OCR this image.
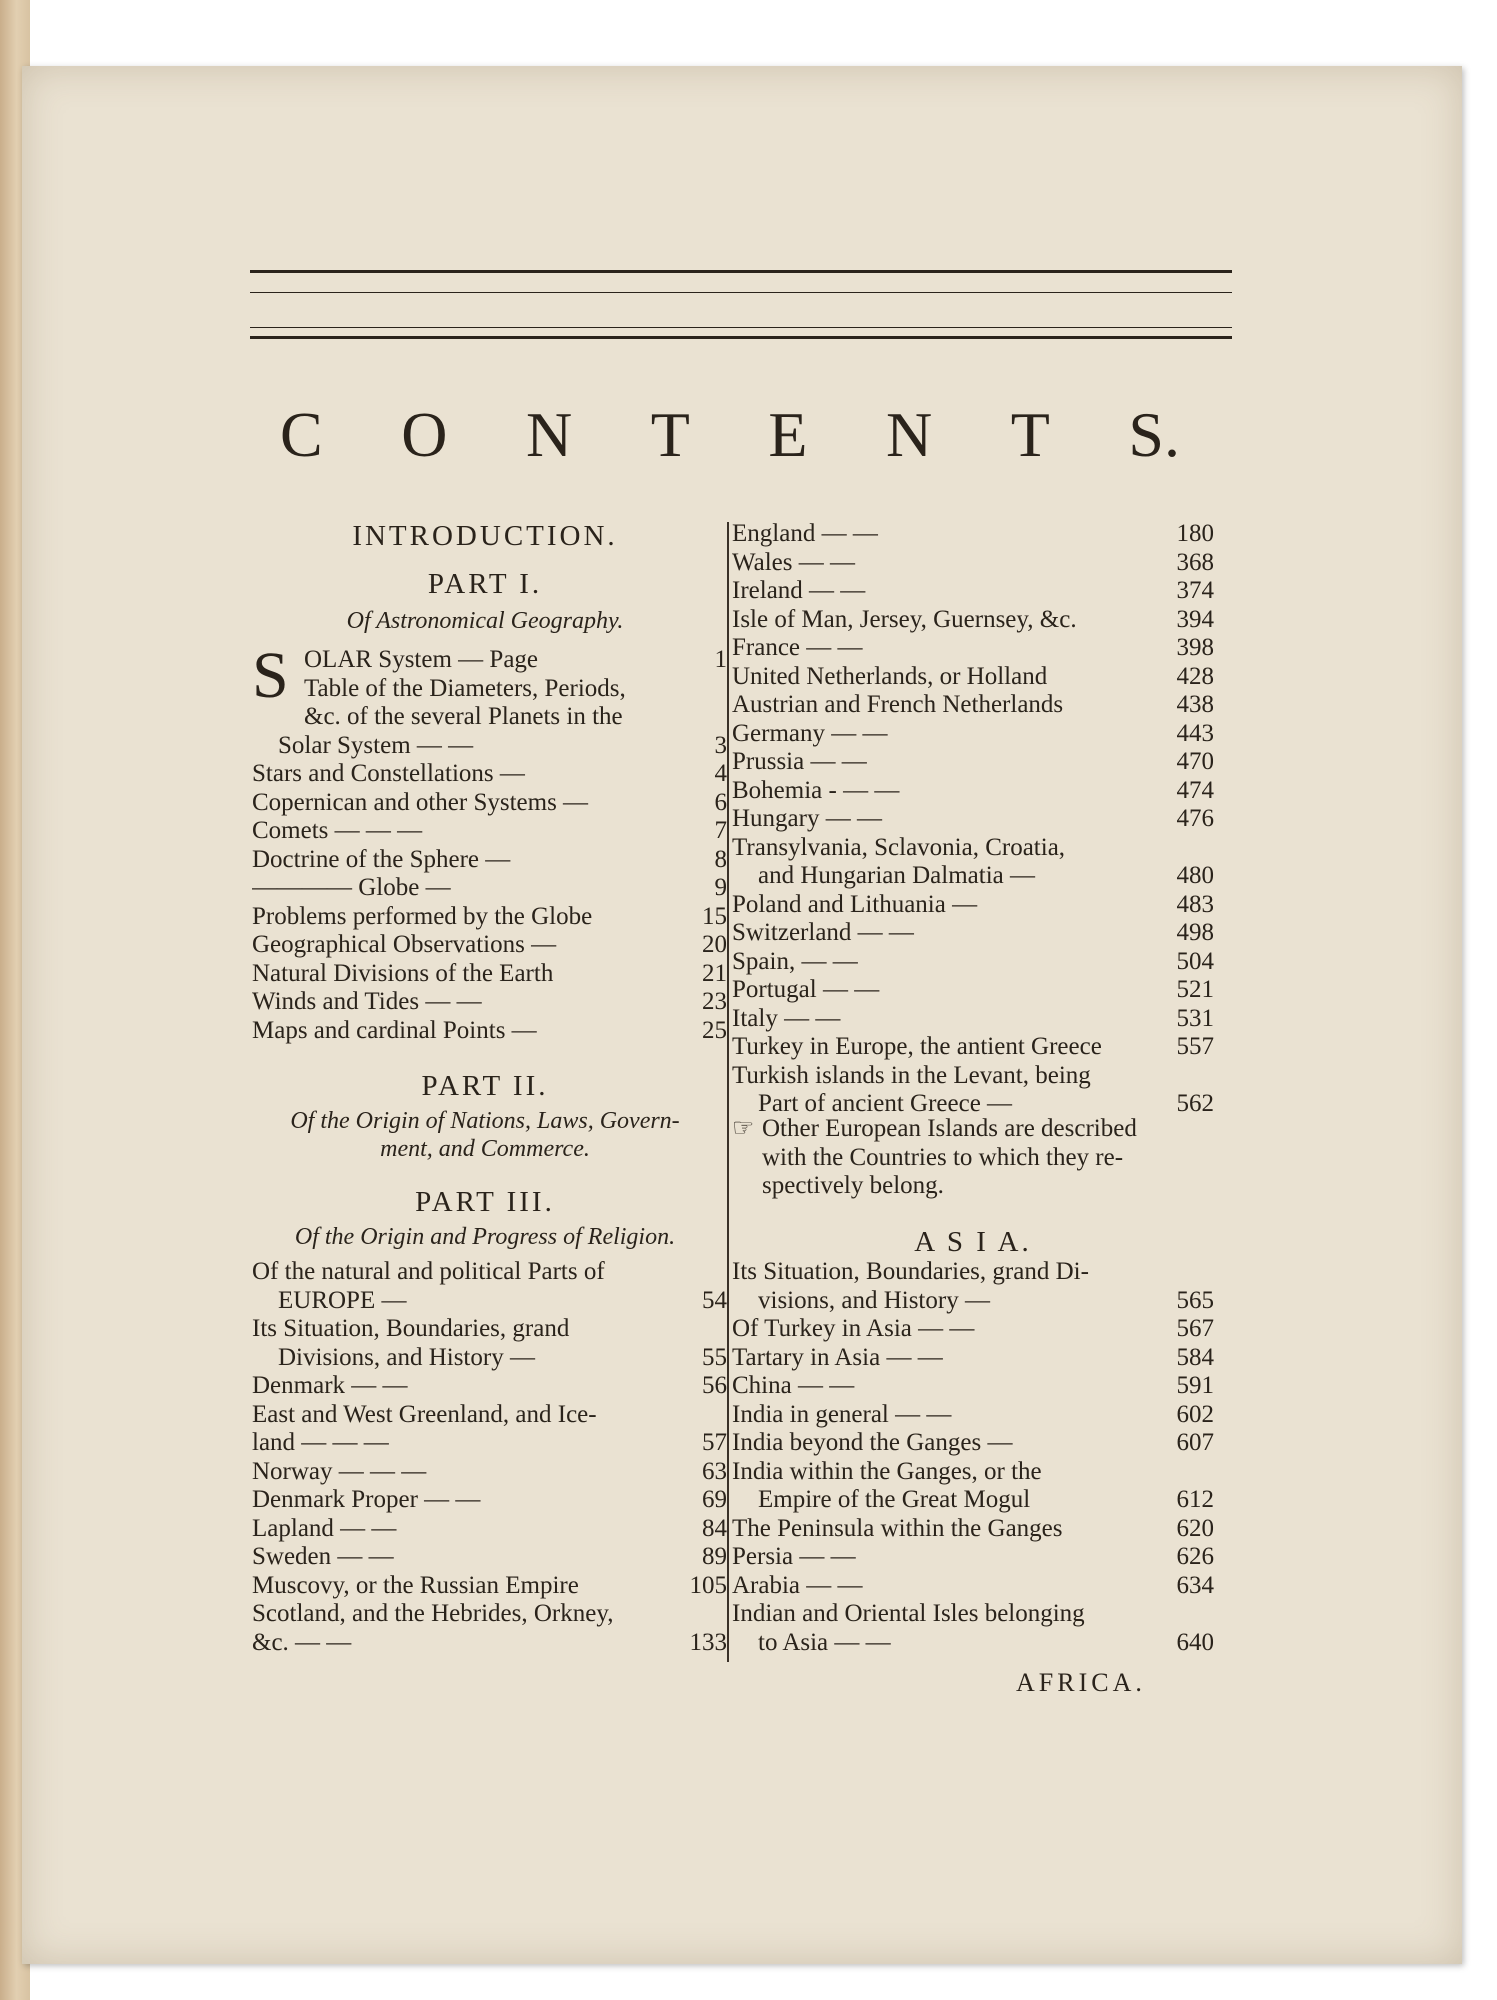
C O N T E N T S.
INTRODUCTION.
PART I.
Of Astronomical Geography.
S OLAR System — Page	1
Table of the Diameters, Periods,
&c. of the several Planets in the
Solar System — —	3
Stars and Constellations —	4
Copernican and other Systems —	6
Comets — — —	7
Doctrine of the Sphere —	8
———— Globe —	9
Problems performed by the Globe	15
Geographical Observations —	20
Natural Divisions of the Earth	21
Winds and Tides — —	23
Maps and cardinal Points —	25
PART II.
Of the Origin of Nations, Laws, Govern-
ment, and Commerce.
PART III.
Of the Origin and Progress of Religion.
Of the natural and political Parts of
EUROPE —	54
Its Situation, Boundaries, grand
Divisions, and History —	55
Denmark — —	56
East and West Greenland, and Ice-
land — — —	57
Norway — — —	63
Denmark Proper — —	69
Lapland — —	84
Sweden — —	89
Muscovy, or the Russian Empire	105
Scotland, and the Hebrides, Orkney,
&c. — —	133
England — —	180
Wales — —	368
Ireland — —	374
Isle of Man, Jersey, Guernsey, &c.	394
France — —	398
United Netherlands, or Holland	428
Austrian and French Netherlands	438
Germany — —	443
Prussia — —	470
Bohemia - — —	474
Hungary — —	476
Transylvania, Sclavonia, Croatia,
and Hungarian Dalmatia —	480
Poland and Lithuania —	483
Switzerland — —	498
Spain, — —	504
Portugal — —	521
Italy — —	531
Turkey in Europe, the antient Greece	557
Turkish islands in the Levant, being
Part of ancient Greece —	562
☞ Other European Islands are described
with the Countries to which they re-
spectively belong.
A S I A.
Its Situation, Boundaries, grand Di-
visions, and History —	565
Of Turkey in Asia — —	567
Tartary in Asia — —	584
China — —	591
India in general — —	602
India beyond the Ganges —	607
India within the Ganges, or the
Empire of the Great Mogul	612
The Peninsula within the Ganges	620
Persia — —	626
Arabia — —	634
Indian and Oriental Isles belonging
to Asia — —	640
AFRICA.
